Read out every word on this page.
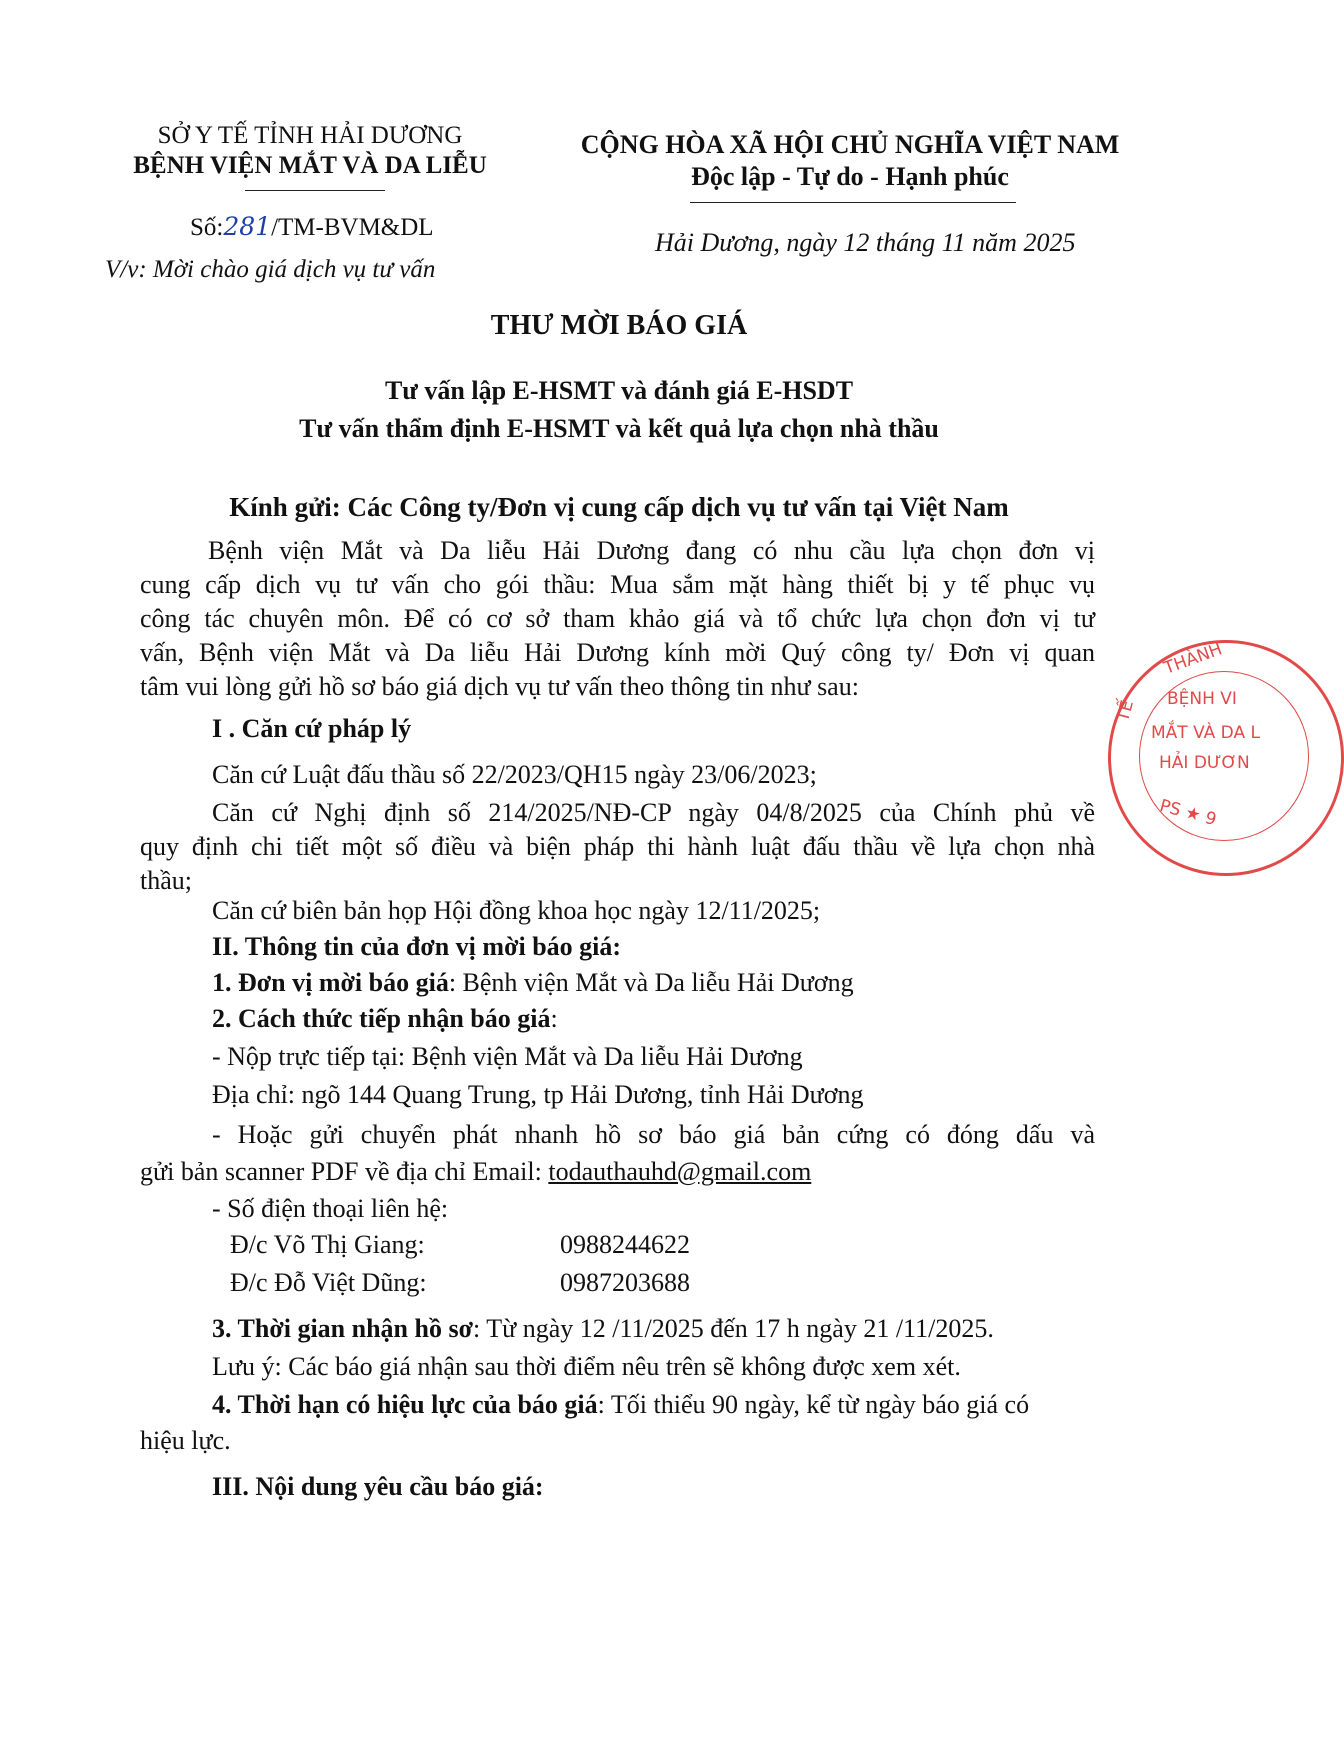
SỞ Y TẾ TỈNH HẢI DƯƠNG
BỆNH VIỆN MẮT VÀ DA LIỄU
Số:281/TM-BVM&DL
V/v: Mời chào giá dịch vụ tư vấn
CỘNG HÒA XÃ HỘI CHỦ NGHĨA VIỆT NAM
Độc lập - Tự do - Hạnh phúc
Hải Dương, ngày 12 tháng 11 năm 2025
THƯ MỜI BÁO GIÁ
Tư vấn lập E-HSMT và đánh giá E-HSDT
Tư vấn thẩm định E-HSMT và kết quả lựa chọn nhà thầu
Kính gửi: Các Công ty/Đơn vị cung cấp dịch vụ tư vấn tại Việt Nam
Bệnh viện Mắt và Da liễu Hải Dương đang có nhu cầu lựa chọn đơn vị
cung cấp dịch vụ tư vấn cho gói thầu: Mua sắm mặt hàng thiết bị y tế phục vụ
công tác chuyên môn. Để có cơ sở tham khảo giá và tổ chức lựa chọn đơn vị tư
vấn, Bệnh viện Mắt và Da liễu Hải Dương kính mời Quý công ty/ Đơn vị quan
tâm vui lòng gửi hồ sơ báo giá dịch vụ tư vấn theo thông tin như sau:
I . Căn cứ pháp lý
Căn cứ Luật đấu thầu số 22/2023/QH15 ngày 23/06/2023;
Căn cứ Nghị định số 214/2025/NĐ-CP ngày 04/8/2025 của Chính phủ về
quy định chi tiết một số điều và biện pháp thi hành luật đấu thầu về lựa chọn nhà
thầu;
Căn cứ biên bản họp Hội đồng khoa học ngày 12/11/2025;
II. Thông tin của đơn vị mời báo giá:
1. Đơn vị mời báo giá: Bệnh viện Mắt và Da liễu Hải Dương
2. Cách thức tiếp nhận báo giá:
- Nộp trực tiếp tại: Bệnh viện Mắt và Da liễu Hải Dương
Địa chỉ: ngõ 144 Quang Trung, tp Hải Dương, tỉnh Hải Dương
- Hoặc gửi chuyển phát nhanh hồ sơ báo giá bản cứng có đóng dấu và
gửi bản scanner PDF về địa chỉ Email: todauthauhd@gmail.com
- Số điện thoại liên hệ:
Đ/c Võ Thị Giang:	0988244622
Đ/c Đỗ Việt Dũng:	0987203688
3. Thời gian nhận hồ sơ: Từ ngày 12 /11/2025 đến 17 h ngày 21 /11/2025.
Lưu ý: Các báo giá nhận sau thời điểm nêu trên sẽ không được xem xét.
4. Thời hạn có hiệu lực của báo giá: Tối thiểu 90 ngày, kể từ ngày báo giá có
hiệu lực.
III. Nội dung yêu cầu báo giá:
THÀNH
TẾ BỆNH VI
MẮT VÀ DA L
HẢI DƯƠN
PS ★ 9
